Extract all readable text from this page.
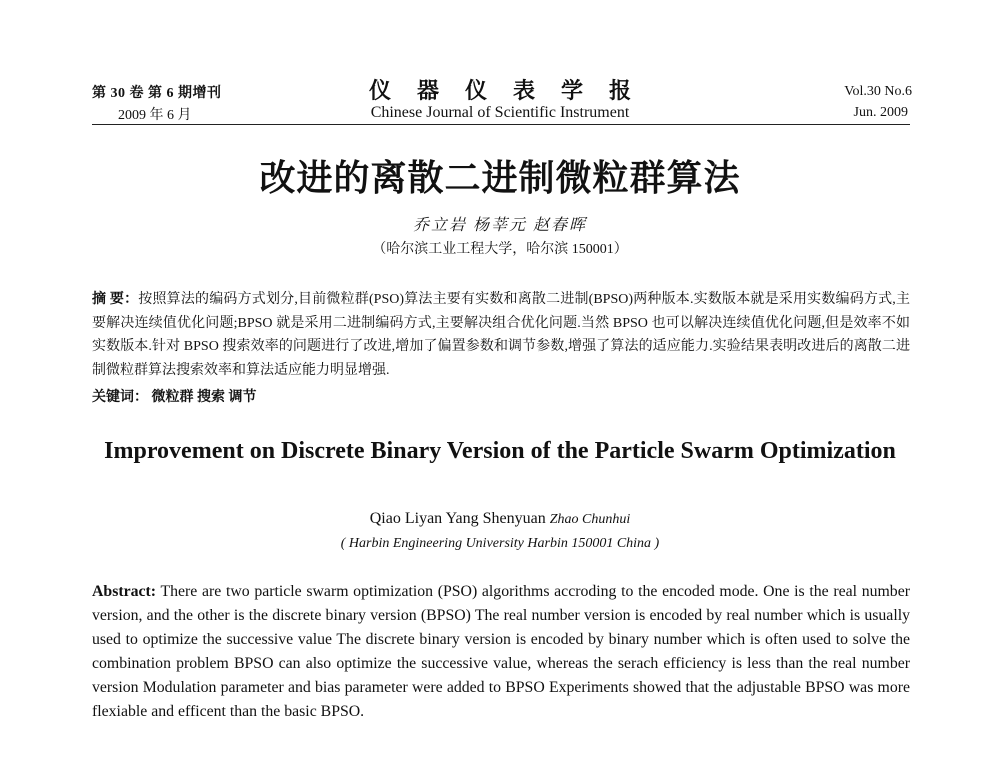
第 30 卷 第 6 期增刊
2009 年 6 月
仪器仪表学报
Chinese Journal of Scientific Instrument
Vol.30 No.6
Jun. 2009
改进的离散二进制微粒群算法
乔立岩 杨莘元 赵春晖
（哈尔滨工业工程大学，哈尔滨 150001）
摘 要：按照算法的编码方式划分,目前微粒群(PSO)算法主要有实数和离散二进制(BPSO)两种版本.实数版本就是采用实数编码方式,主要解决连续值优化问题;BPSO 就是采用二进制编码方式,主要解决组合优化问题.当然 BPSO 也可以解决连续值优化问题,但是效率不如实数版本.针对 BPSO 搜索效率的问题进行了改进,增加了偏置参数和调节参数,增强了算法的适应能力.实验结果表明改进后的离散二进制微粒群算法搜索效率和算法适应能力明显增强.
关键词： 微粒群 搜索 调节
Improvement on Discrete Binary Version of the Particle Swarm Optimization
Qiao Liyan Yang Shenyuan Zhao Chunhui
( Harbin Engineering University Harbin 150001 China )
Abstract: There are two particle swarm optimization (PSO) algorithms accroding to the encoded mode. One is the real number version, and the other is the discrete binary version (BPSO) The real number version is encoded by real number which is usually used to optimize the successive value The discrete binary version is encoded by binary number which is often used to solve the combination problem BPSO can also optimize the successive value, whereas the serach efficiency is less than the real number version Modulation parameter and bias parameter were added to BPSO Experiments showed that the adjustable BPSO was more flexiable and efficent than the basic BPSO.
